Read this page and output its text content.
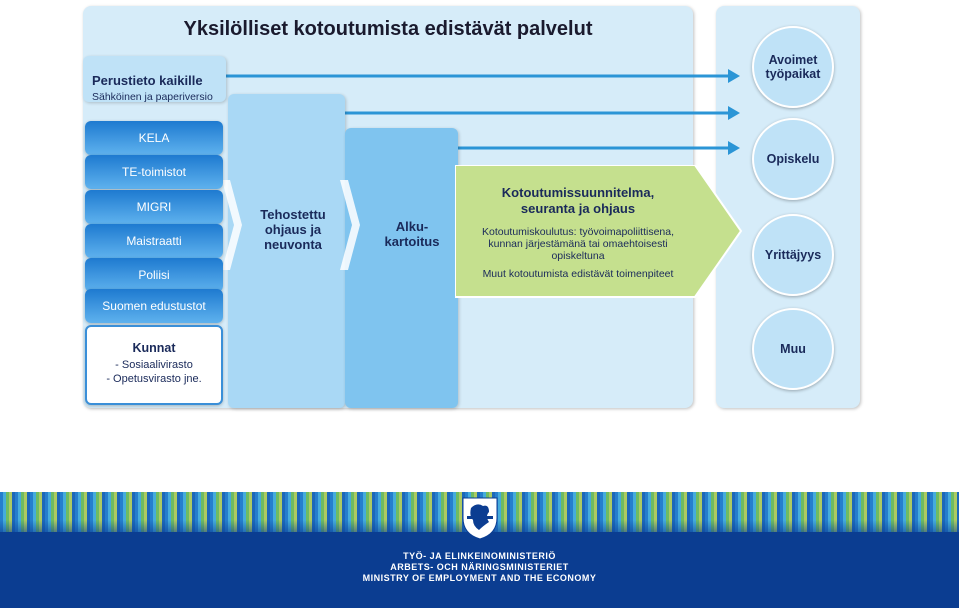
Yksilölliset kotoutumista edistävät palvelut
Perustieto kaikille
Sähköinen ja paperiversio
KELA
TE-toimistot
MIGRI
Maistraatti
Poliisi
Suomen edustustot
Kunnat
- Sosiaalivirasto
- Opetusvirasto jne.
Tehostettu
ohjaus ja
neuvonta
Alku-
kartoitus
Kotoutumissuunnitelma,
seuranta ja ohjaus
Kotoutumiskoulutus: työvoimapoliittisena,
kunnan järjestämänä tai omaehtoisesti
opiskeltuna
Muut kotoutumista edistävät toimenpiteet
Avoimet
työpaikat
Opiskelu
Yrittäjyys
Muu
TYÖ- JA ELINKEINOMINISTERIÖ
ARBETS- OCH NÄRINGSMINISTERIET
MINISTRY OF EMPLOYMENT AND THE ECONOMY
